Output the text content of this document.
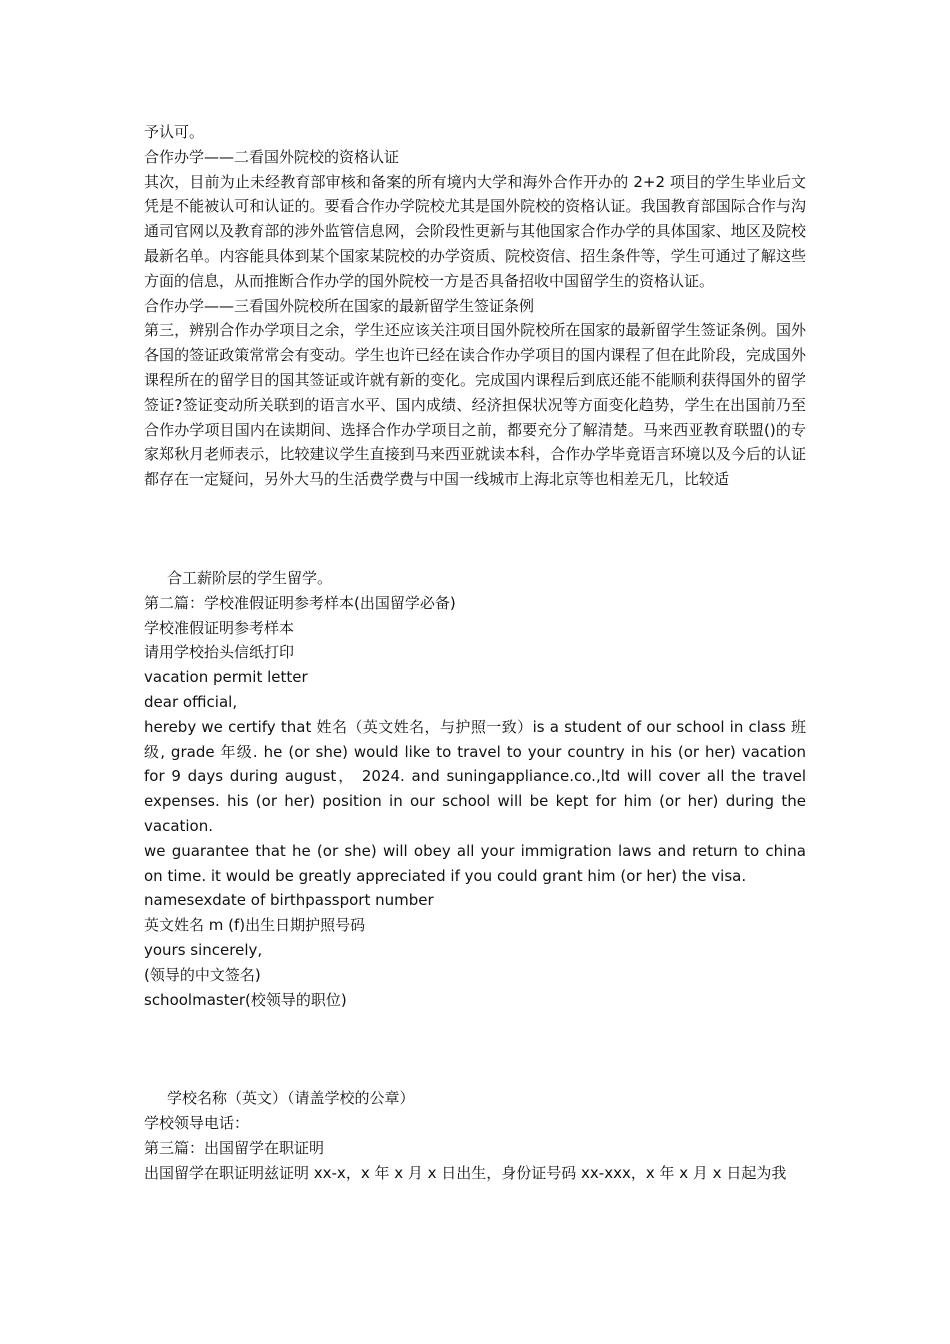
予认可。
合作办学——二看国外院校的资格认证
其次，目前为止未经教育部审核和备案的所有境内大学和海外合作开办的 2+2 项目的学生毕业后文凭是不能被认可和认证的。要看合作办学院校尤其是国外院校的资格认证。我国教育部国际合作与沟通司官网以及教育部的涉外监管信息网，会阶段性更新与其他国家合作办学的具体国家、地区及院校最新名单。内容能具体到某个国家某院校的办学资质、院校资信、招生条件等，学生可通过了解这些方面的信息，从而推断合作办学的国外院校一方是否具备招收中国留学生的资格认证。
合作办学——三看国外院校所在国家的最新留学生签证条例
第三，辨别合作办学项目之余，学生还应该关注项目国外院校所在国家的最新留学生签证条例。国外各国的签证政策常常会有变动。学生也许已经在读合作办学项目的国内课程了但在此阶段，完成国外课程所在的留学目的国其签证或许就有新的变化。完成国内课程后到底还能不能顺利获得国外的留学签证?签证变动所关联到的语言水平、国内成绩、经济担保状况等方面变化趋势，学生在出国前乃至合作办学项目国内在读期间、选择合作办学项目之前，都要充分了解清楚。马来西亚教育联盟()的专家郑秋月老师表示，比较建议学生直接到马来西亚就读本科，合作办学毕竟语言环境以及今后的认证都存在一定疑问，另外大马的生活费学费与中国一线城市上海北京等也相差无几，比较适
合工薪阶层的学生留学。
第二篇：学校准假证明参考样本(出国留学必备)
学校准假证明参考样本
请用学校抬头信纸打印
vacation permit letter
dear official,
hereby we certify that 姓名（英文姓名，与护照一致）is a student of our school in class 班级, grade 年级. he (or she) would like to travel to your country in his (or her) vacation for 9 days during august， 2024. and suningappliance.co.,ltd will cover all the travel expenses. his (or her) position in our school will be kept for him (or her) during the vacation.
we guarantee that he (or she) will obey all your immigration laws and return to china on time. it would be greatly appreciated if you could grant him (or her) the visa.
namesexdate of birthpassport number
英文姓名 m (f)出生日期护照号码
yours sincerely,
(领导的中文签名)
schoolmaster(校领导的职位)
学校名称（英文）（请盖学校的公章）
学校领导电话：
第三篇：出国留学在职证明
出国留学在职证明兹证明 xx-x，x 年 x 月 x 日出生，身份证号码 xx-xxx，x 年 x 月 x 日起为我
